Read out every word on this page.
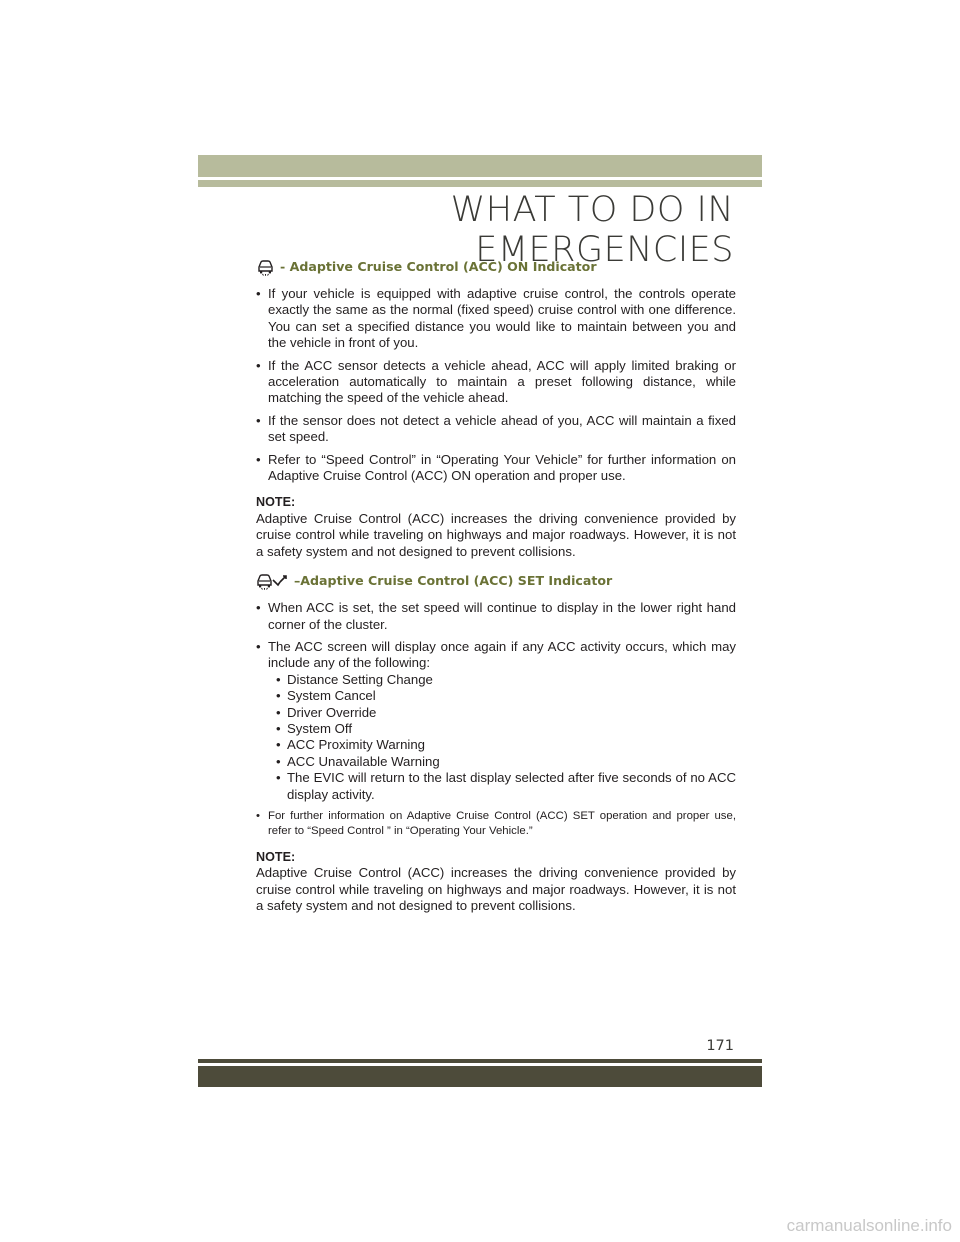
WHAT TO DO IN EMERGENCIES
- Adaptive Cruise Control (ACC) ON Indicator
• If your vehicle is equipped with adaptive cruise control, the controls operate exactly the same as the normal (fixed speed) cruise control with one difference. You can set a specified distance you would like to maintain between you and the vehicle in front of you.
• If the ACC sensor detects a vehicle ahead, ACC will apply limited braking or acceleration automatically to maintain a preset following distance, while matching the speed of the vehicle ahead.
• If the sensor does not detect a vehicle ahead of you, ACC will maintain a fixed set speed.
• Refer to “Speed Control” in “Operating Your Vehicle” for further information on Adaptive Cruise Control (ACC) ON operation and proper use.
NOTE:

Adaptive Cruise Control (ACC) increases the driving convenience provided by cruise control while traveling on highways and major roadways. However, it is not a safety system and not designed to prevent collisions.

–Adaptive Cruise Control (ACC) SET Indicator
• When ACC is set, the set speed will continue to display in the lower right hand corner of the cluster.
• The ACC screen will display once again if any ACC activity occurs, which may include any of the following:
• Distance Setting Change
• System Cancel
• Driver Override
• System Off
• ACC Proximity Warning
• ACC Unavailable Warning
• The EVIC will return to the last display selected after five seconds of no ACC display activity.
• For further information on Adaptive Cruise Control (ACC) SET operation and proper use, refer to “Speed Control ” in “Operating Your Vehicle.”
NOTE:

Adaptive Cruise Control (ACC) increases the driving convenience provided by cruise control while traveling on highways and major roadways. However, it is not a safety system and not designed to prevent collisions.

171
carmanualsonline.info
